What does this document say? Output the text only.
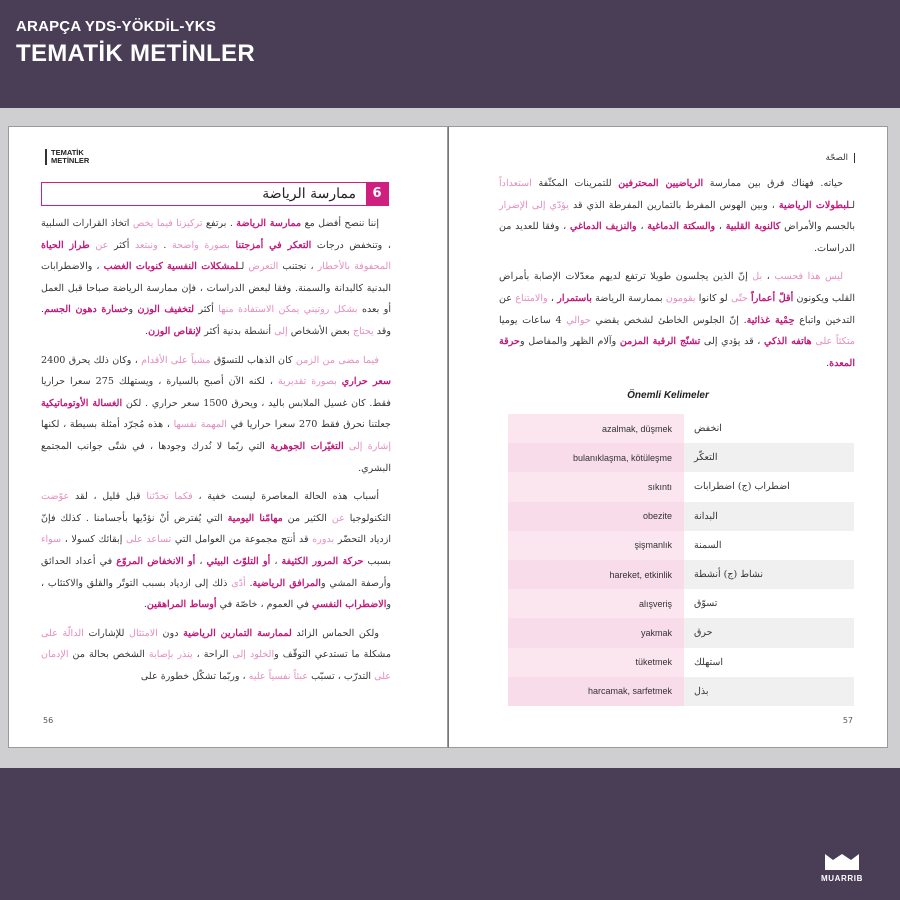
ARAPÇA YDS-YÖKDİL-YKS
TEMATİK METİNLER
TEMATİK
METİNLER
6
ممارسة الرياضة

إننا ننصح أفضل مع ممارسة الرياضة . برتفع تركيزنا فيما يخص اتخاذ القرارات السلبية ، وتنخفض درجات التعكر في أمزجتنا بصورة واضحة . ونبتعد أكثر عن طراز الحياة المحفوفة بالأخطار ، نجتنب التعرض لـلمشكلات النفسية كنوبات الغضب ، والاضطرابات البدنية كالبدانة والسمنة. وفقا لبعض الدراسات ، فإن ممارسة الرياضة صباحا قبل العمل أو بعده بشكل روتيني يمكن الاستفادة منها أكثر لتخفيف الوزن وخسارة دهون الجسم. وقد يحتاج بعض الأشخاص إلى أنشطة بدنية أكثر لإنقاص الوزن.

فيما مضى من الزمن كان الذهاب للتسوّق مشياً على الأقدام ، وكان ذلك يحرق 2400 سعر حراري بصورة تقديرية ، لكنه الآن أصبح بالسيارة ، ويستهلك 275 سعرا حراريا فقط. كان غسيل الملابس باليد ، ويحرق 1500 سعر حراري . لكن الغسالة الأوتوماتيكية جعلتنا نحرق فقط 270 سعرا حراريا في المهمة نفسها ، هذه مُجرّد أمثلة بسيطة ، لكنها إشارة إلى التغيّرات الجوهرية التي ربّما لا نُدرك وجودها ، في شتّى جوانب المجتمع البشري.

أسباب هذه الحالة المعاصرة ليست خفية ، فكما تحدّثنا قبل قليل ، لقد عوّضت التكنولوجيا عن الكثير من مهامّنا اليومية التي يُفترض أنْ نؤدّيها بأجسامنا . كذلك فإنّ ازدياد التحضّر بدوره قد أنتج مجموعة من العوامل التي تساعد على إبقائك كسولا ، سواء بسبب حركة المرور الكثيفة ، أو التلوّث البيئي ، أو الانخفاض المروّع في أعداد الحدائق وأرصفة المشي والمرافق الرياضية. أدّى ذلك إلى ازدياد بسبب التوتّر والقلق والاكتئاب ، والاضطراب النفسي في العموم ، خاصّة في أوساط المراهقين.

ولكن الحماس الزائد لممارسة التمارين الرياضية دون الامتثال للإشارات الدالّة على مشكلة ما تستدعي التوقّف والخلود إلى الراحة ، ينذر بإصابة الشخص بحالة من الإدمان على التدرّب ، تسبّب عبئاً نفسياً عليه ، وربّما تشكّل خطورة على

56
الصحّة

حياته. فهناك فرق بين ممارسة الرياضيين المحترفين للتمرينات المكثّفة استعداداً لـلبطولات الرياضية ، وبين الهوس المفرط بالتمارين المفرطة الذي قد يؤدّي إلى الإضرار بالجسم والأمراض كالنوبة القلبية ، والسكتة الدماغية ، والنزيف الدماغي ، وفقا للعديد من الدراسات.

ليس هذا فحسب ، بل إنّ الذين يجلسون طويلا ترتفع لديهم معدّلات الإصابة بأمراض القلب ويكونون أقلّ أعماراً حتّى لو كانوا يقومون بممارسة الرياضة باستمرار ، والامتناع عن التدخين واتباع حِمْية غذائية. إنّ الجلوس الخاطئ لشخص يقضي حوالي 4 ساعات يوميا متكئاً على هاتفه الذكي ، قد يؤدي إلى تشنّج الرقبة المزمن وآلام الظهر والمفاصل وحرقة المعدة.

Önemli Kelimeler
azalmak, düşmek	انخفض
bulanıklaşma, kötüleşme	التعكّر
sıkıntı	اضطراب (ج) اضطرابات
obezite	البدانة
şişmanlık	السمنة
hareket, etkinlik	نشاط (ج) أنشطة
alışveriş	تسوّق
yakmak	حرق
tüketmek	استهلك
harcamak, sarfetmek	بذل
57
MUARRIB
